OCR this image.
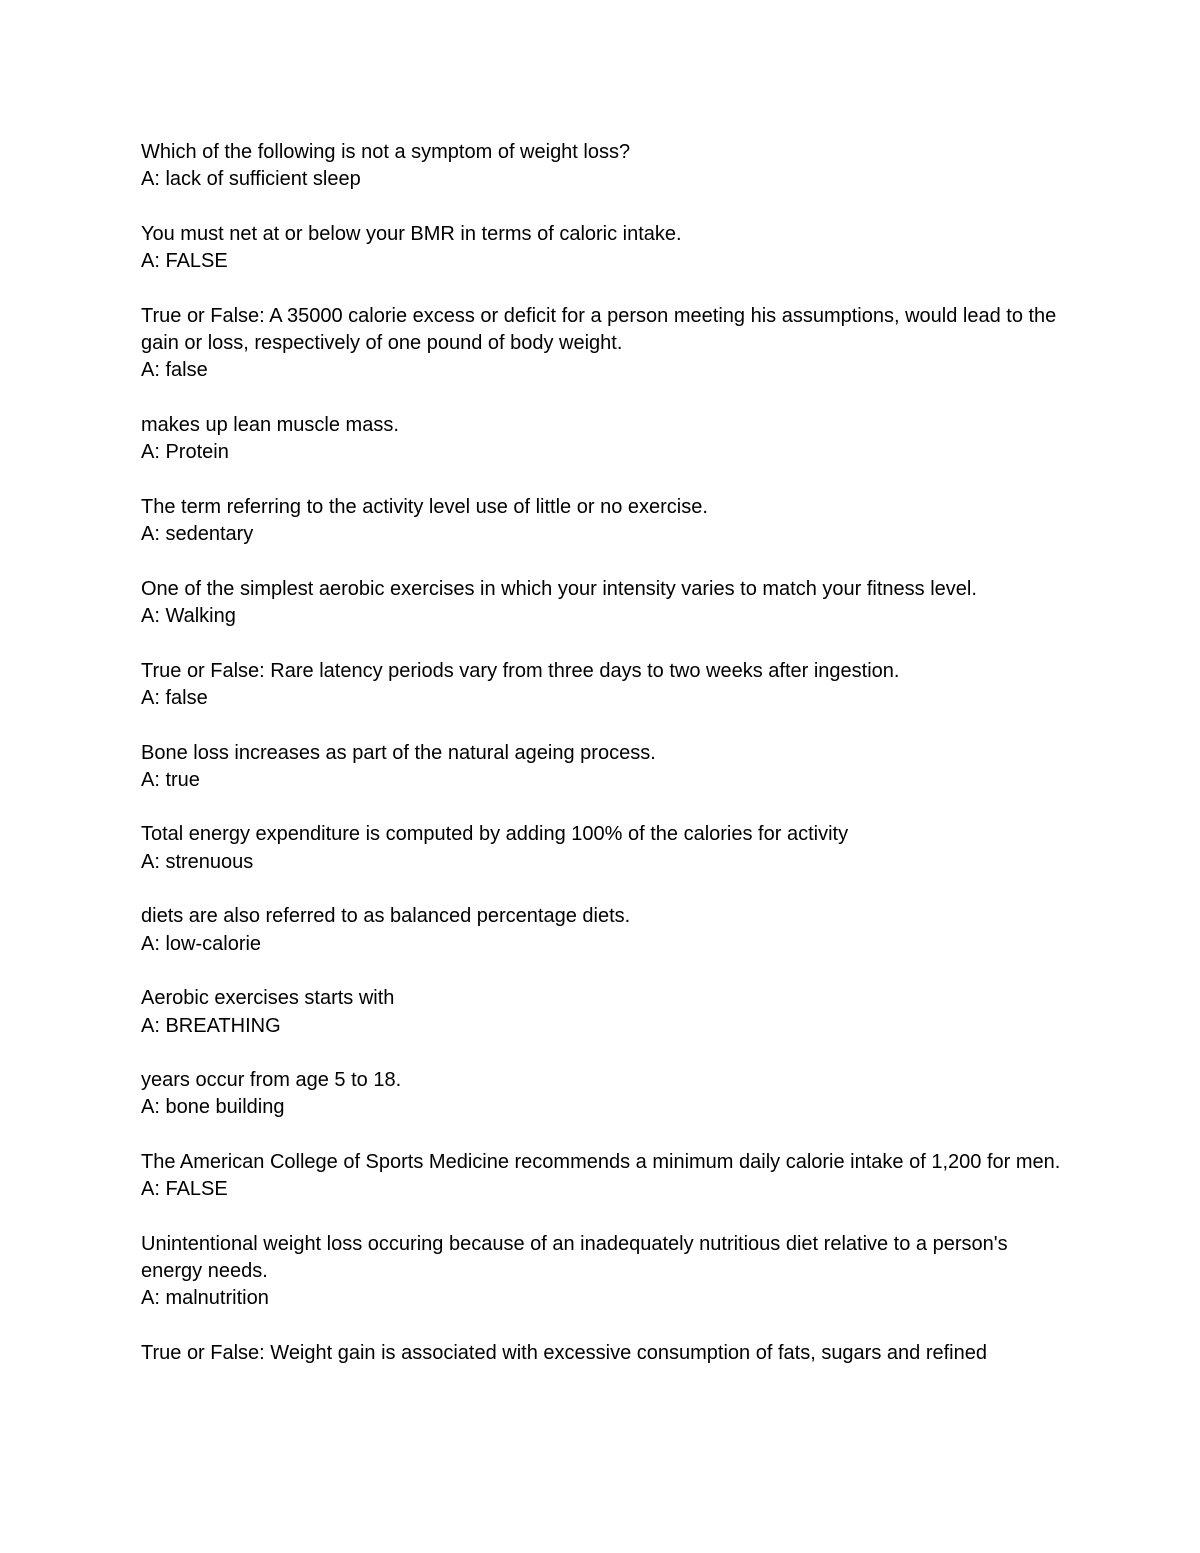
Which of the following is not a symptom of weight loss?
A: lack of sufficient sleep
You must net at or below your BMR in terms of caloric intake.
A: FALSE
True or False: A 35000 calorie excess or deficit for a person meeting his assumptions, would lead to the gain or loss, respectively of one pound of body weight.
A: false
makes up lean muscle mass.
A: Protein
The term referring to the activity level use of little or no exercise.
A: sedentary
One of the simplest aerobic exercises in which your intensity varies to match your fitness level.
A: Walking
True or False: Rare latency periods vary from three days to two weeks after ingestion.
A: false
Bone loss increases as part of the natural ageing process.
A: true
Total energy expenditure is computed by adding 100% of the calories for activity
A: strenuous
diets are also referred to as balanced percentage diets.
A: low-calorie
Aerobic exercises starts with
A: BREATHING
years occur from age 5 to 18.
A: bone building
The American College of Sports Medicine recommends a minimum daily calorie intake of 1,200 for men.
A: FALSE
Unintentional weight loss occuring because of an inadequately nutritious diet relative to a person's energy needs.
A: malnutrition
True or False: Weight gain is associated with excessive consumption of fats, sugars and refined
